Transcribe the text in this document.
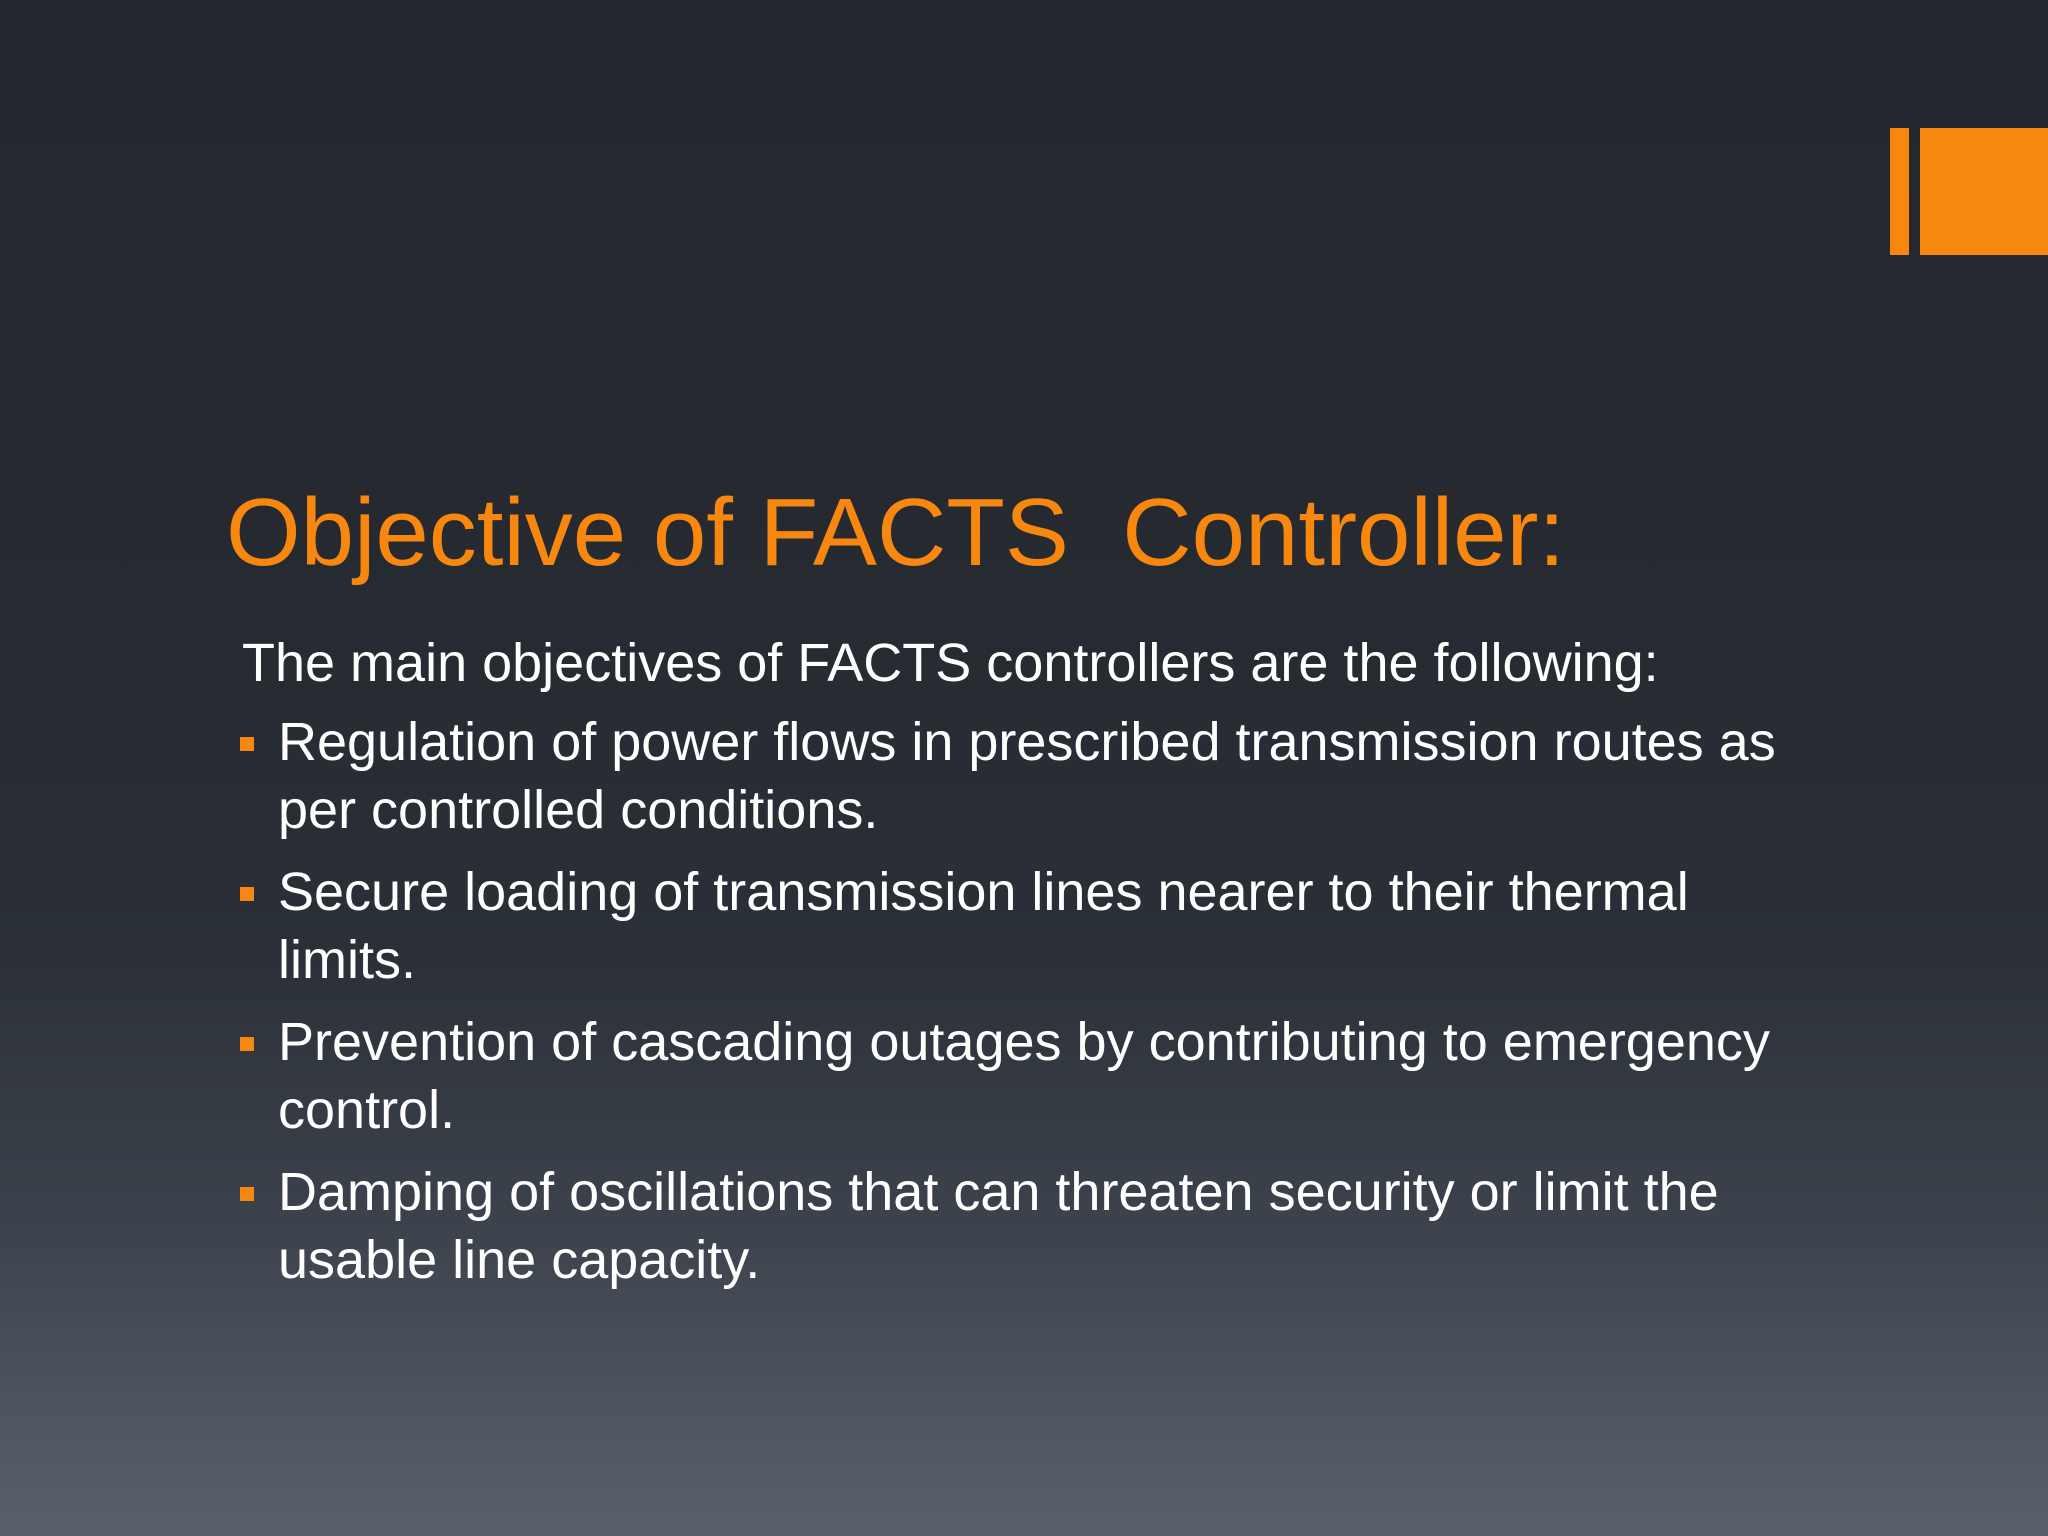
Objective of FACTS  Controller:

The main objectives of FACTS controllers are the following:

Regulation of power flows in prescribed transmission routes as per controlled conditions.
Secure loading of transmission lines nearer to their thermal limits.
Prevention of cascading outages by contributing to emergency control.
Damping of oscillations that can threaten security or limit the usable line capacity.
